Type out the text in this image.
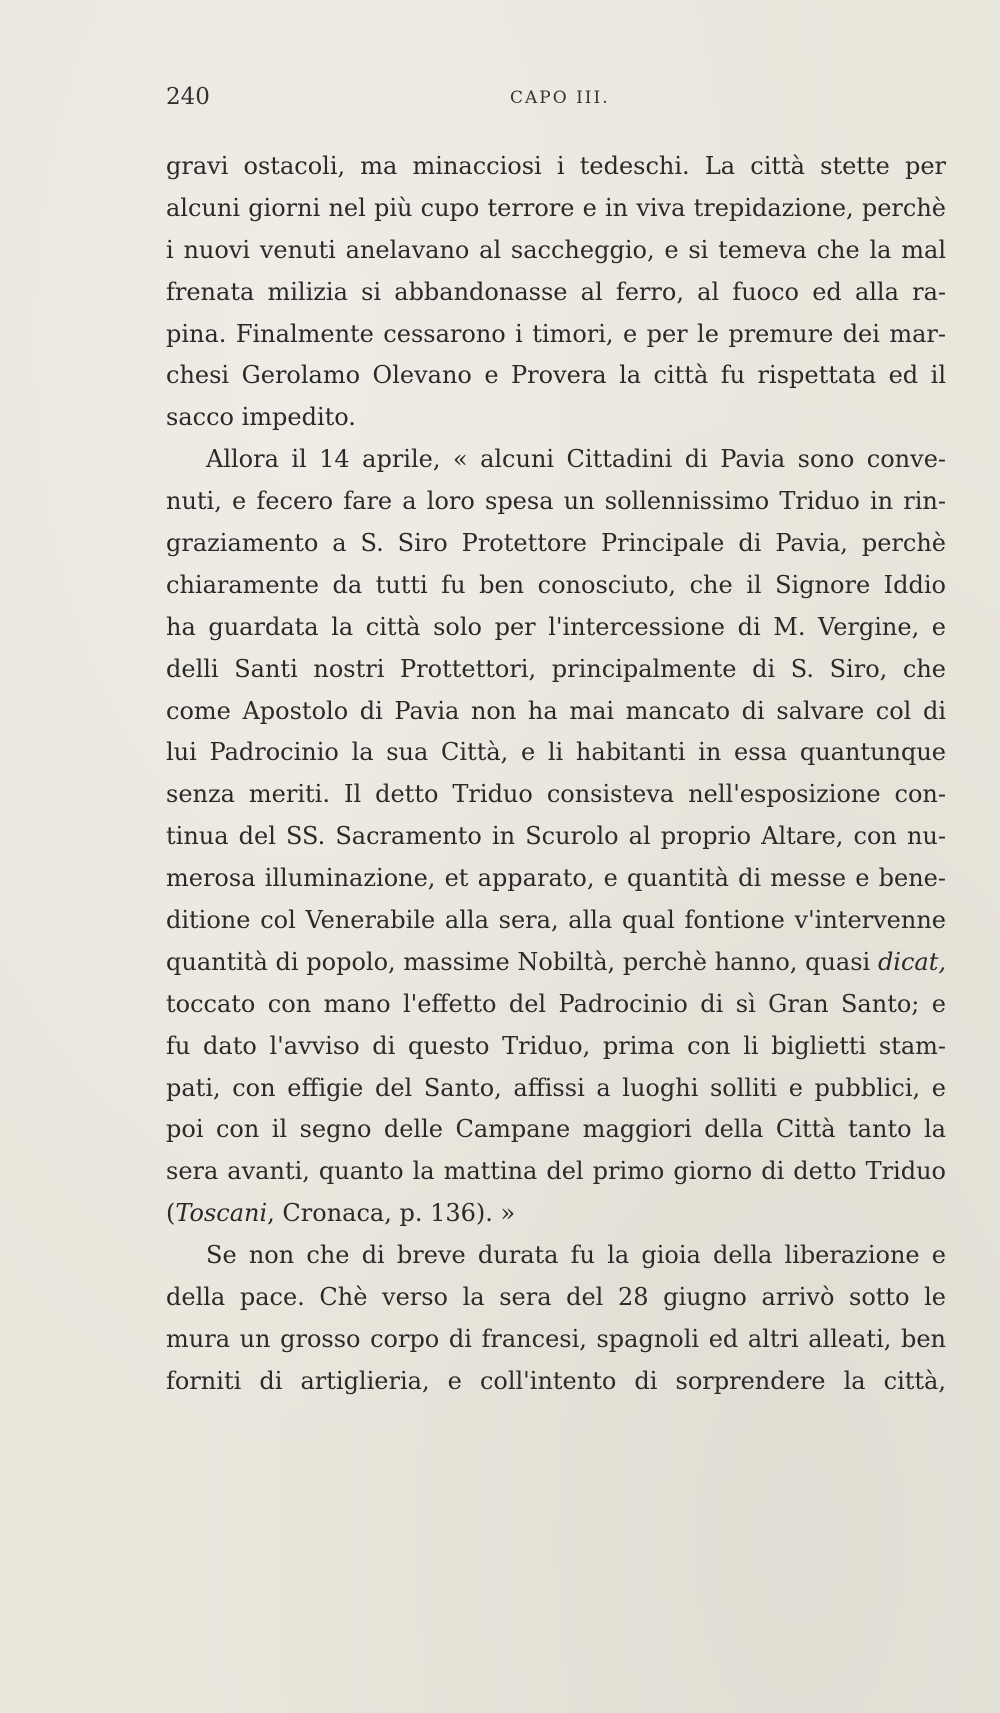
240	CAPO III.
gravi ostacoli, ma minacciosi i tedeschi. La città stette per
alcuni giorni nel più cupo terrore e in viva trepidazione, perchè
i nuovi venuti anelavano al saccheggio, e si temeva che la mal
frenata milizia si abbandonasse al ferro, al fuoco ed alla ra-
pina. Finalmente cessarono i timori, e per le premure dei mar-
chesi Gerolamo Olevano e Provera la città fu rispettata ed il
sacco impedito.
Allora il 14 aprile, « alcuni Cittadini di Pavia sono conve-
nuti, e fecero fare a loro spesa un sollennissimo Triduo in rin-
graziamento a S. Siro Protettore Principale di Pavia, perchè
chiaramente da tutti fu ben conosciuto, che il Signore Iddio
ha guardata la città solo per l'intercessione di M. Vergine, e
delli Santi nostri Prottettori, principalmente di S. Siro, che
come Apostolo di Pavia non ha mai mancato di salvare col di
lui Padrocinio la sua Città, e li habitanti in essa quantunque
senza meriti. Il detto Triduo consisteva nell'esposizione con-
tinua del SS. Sacramento in Scurolo al proprio Altare, con nu-
merosa illuminazione, et apparato, e quantità di messe e bene-
ditione col Venerabile alla sera, alla qual fontione v'intervenne
quantità di popolo, massime Nobiltà, perchè hanno, quasi dicat,
toccato con mano l'effetto del Padrocinio di sì Gran Santo; e
fu dato l'avviso di questo Triduo, prima con li biglietti stam-
pati, con effigie del Santo, affissi a luoghi solliti e pubblici, e
poi con il segno delle Campane maggiori della Città tanto la
sera avanti, quanto la mattina del primo giorno di detto Triduo
(Toscani, Cronaca, p. 136). »
Se non che di breve durata fu la gioia della liberazione e
della pace. Chè verso la sera del 28 giugno arrivò sotto le
mura un grosso corpo di francesi, spagnoli ed altri alleati, ben
forniti di artiglieria, e coll'intento di sorprendere la città,
